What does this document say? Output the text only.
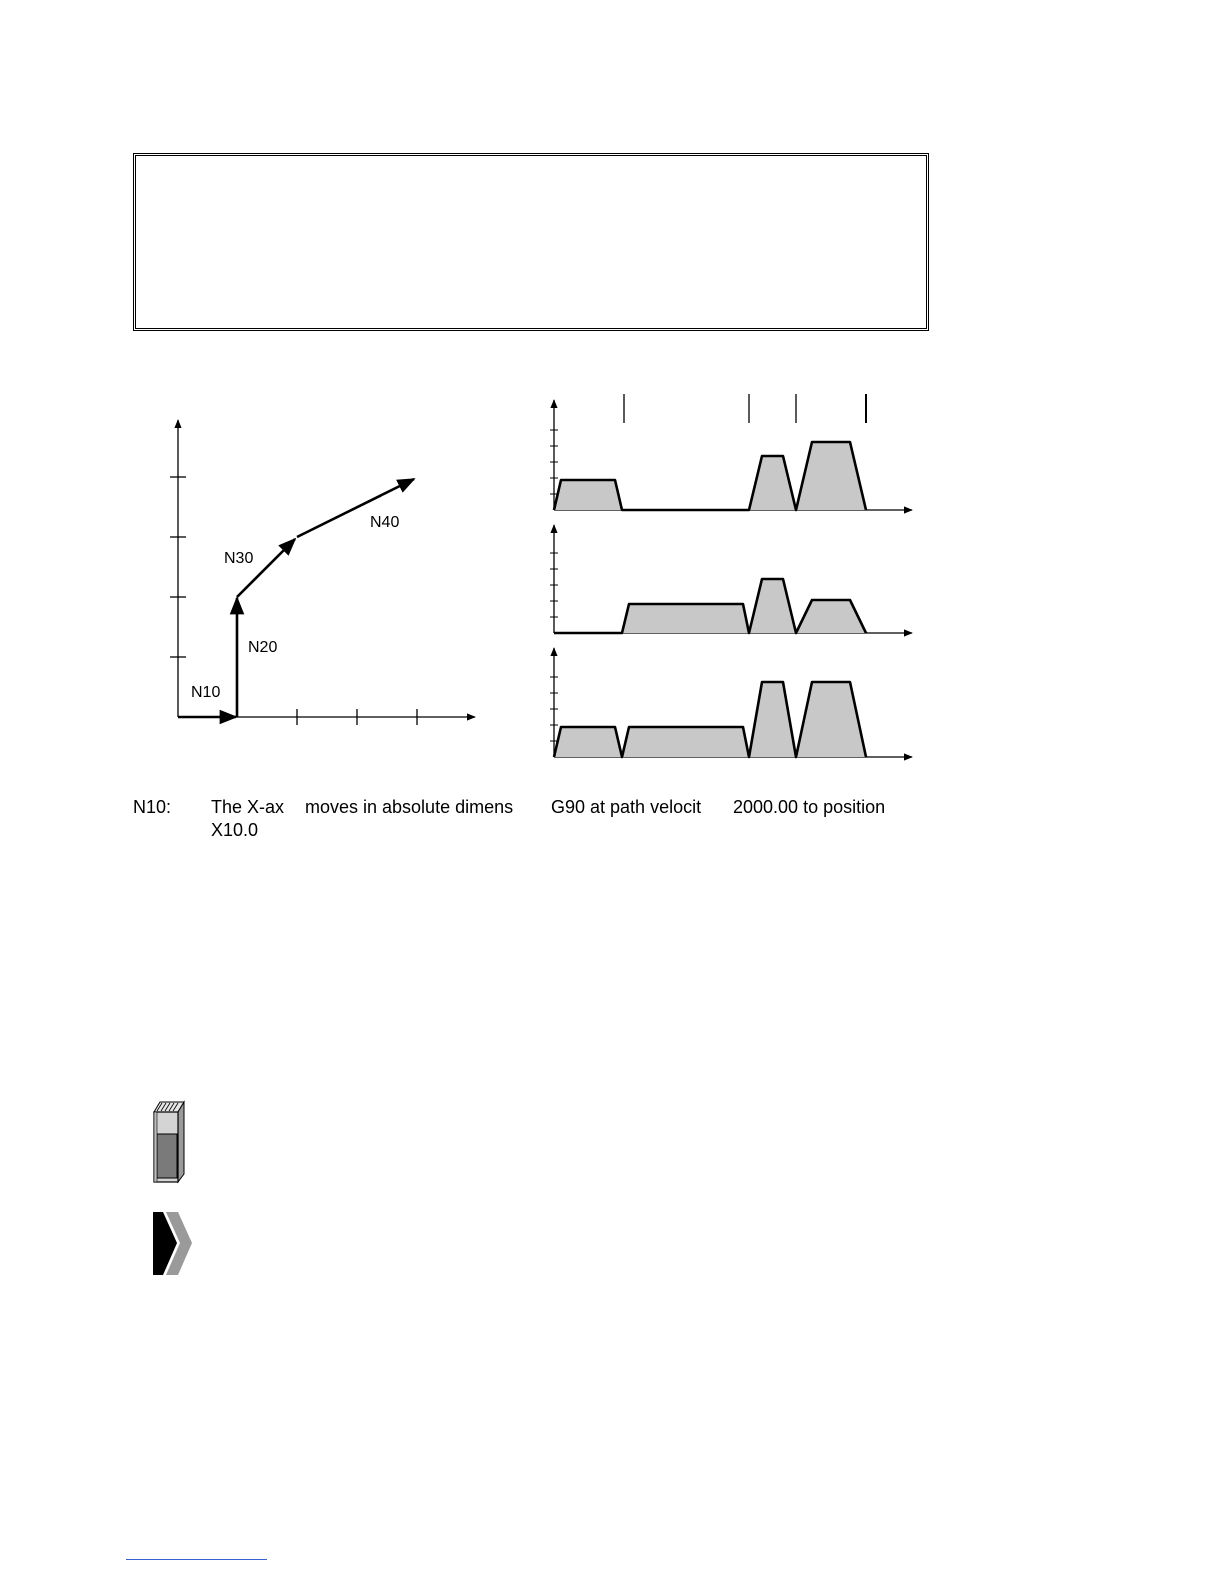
N10
N20
N30
N40
N10: The X-ax moves in absolute dimens G90 at path velocit 2000.00 to position
X10.0
